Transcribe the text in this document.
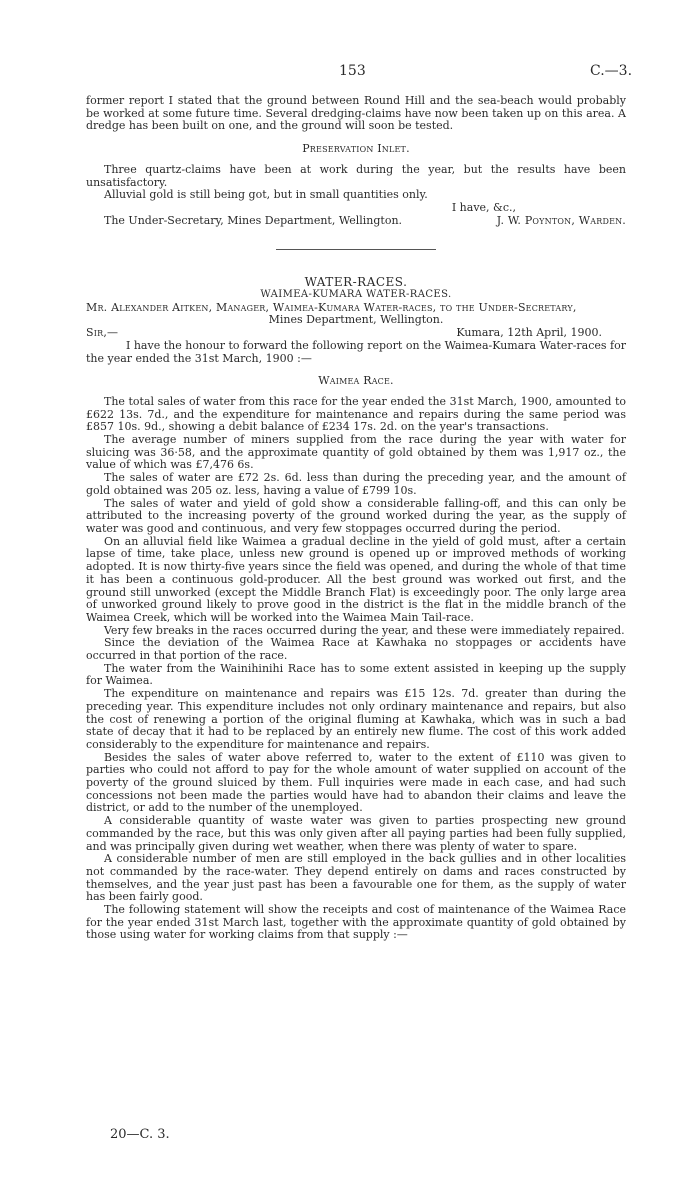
153	C.—3.

former report I stated that the ground between Round Hill and the sea-beach would probably be worked at some future time. Several dredging-claims have now been taken up on this area. A dredge has been built on one, and the ground will soon be tested.

Preservation Inlet.

Three quartz-claims have been at work during the year, but the results have been unsatisfactory.

Alluvial gold is still being got, but in small quantities only.

I have, &c.,

The Under-Secretary, Mines Department, Wellington.	J. W. Poynton, Warden.

WATER-RACES.

WAIMEA-KUMARA WATER-RACES.

Mr. Alexander Aitken, Manager, Waimea-Kumara Water-races, to the Under-Secretary,

Mines Department, Wellington.

Sir,—	Kumara, 12th April, 1900.

I have the honour to forward the following report on the Waimea-Kumara Water-races for the year ended the 31st March, 1900 :—

Waimea Race.

The total sales of water from this race for the year ended the 31st March, 1900, amounted to £622 13s. 7d., and the expenditure for maintenance and repairs during the same period was £857 10s. 9d., showing a debit balance of £234 17s. 2d. on the year's transactions.

The average number of miners supplied from the race during the year with water for sluicing was 36·58, and the approximate quantity of gold obtained by them was 1,917 oz., the value of which was £7,476 6s.

The sales of water are £72 2s. 6d. less than during the preceding year, and the amount of gold obtained was 205 oz. less, having a value of £799 10s.

The sales of water and yield of gold show a considerable falling-off, and this can only be attributed to the increasing poverty of the ground worked during the year, as the supply of water was good and continuous, and very few stoppages occurred during the period.

On an alluvial field like Waimea a gradual decline in the yield of gold must, after a certain lapse of time, take place, unless new ground is opened up or improved methods of working adopted. It is now thirty-five years since the field was opened, and during the whole of that time it has been a continuous gold-producer. All the best ground was worked out first, and the ground still unworked (except the Middle Branch Flat) is exceedingly poor. The only large area of unworked ground likely to prove good in the district is the flat in the middle branch of the Waimea Creek, which will be worked into the Waimea Main Tail-race.

Very few breaks in the races occurred during the year, and these were immediately repaired.

Since the deviation of the Waimea Race at Kawhaka no stoppages or accidents have occurred in that portion of the race.

The water from the Wainihinihi Race has to some extent assisted in keeping up the supply for Waimea.

The expenditure on maintenance and repairs was £15 12s. 7d. greater than during the preceding year. This expenditure includes not only ordinary maintenance and repairs, but also the cost of renewing a portion of the original fluming at Kawhaka, which was in such a bad state of decay that it had to be replaced by an entirely new flume. The cost of this work added considerably to the expenditure for maintenance and repairs.

Besides the sales of water above referred to, water to the extent of £110 was given to parties who could not afford to pay for the whole amount of water supplied on account of the poverty of the ground sluiced by them. Full inquiries were made in each case, and had such concessions not been made the parties would have had to abandon their claims and leave the district, or add to the number of the unemployed.

A considerable quantity of waste water was given to parties prospecting new ground commanded by the race, but this was only given after all paying parties had been fully supplied, and was principally given during wet weather, when there was plenty of water to spare.

A considerable number of men are still employed in the back gullies and in other localities not commanded by the race-water. They depend entirely on dams and races constructed by themselves, and the year just past has been a favourable one for them, as the supply of water has been fairly good.

The following statement will show the receipts and cost of maintenance of the Waimea Race for the year ended 31st March last, together with the approximate quantity of gold obtained by those using water for working claims from that supply :—

20—C. 3.
